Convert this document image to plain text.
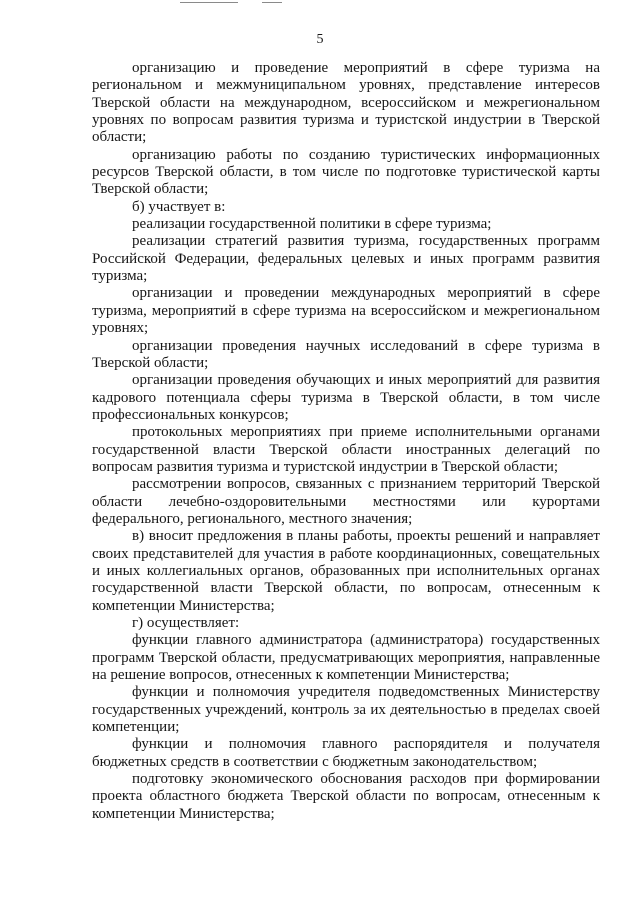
5

организацию и проведение мероприятий в сфере туризма на региональном и межмуниципальном уровнях, представление интересов Тверской области на международном, всероссийском и межрегиональном уровнях по вопросам развития туризма и туристской индустрии в Тверской области;

организацию работы по созданию туристических информационных ресурсов Тверской области, в том числе по подготовке туристической карты Тверской области;

б) участвует в:

реализации государственной политики в сфере туризма;

реализации стратегий развития туризма, государственных программ Российской Федерации, федеральных целевых и иных программ развития туризма;

организации и проведении международных мероприятий в сфере туризма, мероприятий в сфере туризма на всероссийском и межрегиональном уровнях;

организации проведения научных исследований в сфере туризма в Тверской области;

организации проведения обучающих и иных мероприятий для развития кадрового потенциала сферы туризма в Тверской области, в том числе профессиональных конкурсов;

протокольных мероприятиях при приеме исполнительными органами государственной власти Тверской области иностранных делегаций по вопросам развития туризма и туристской индустрии в Тверской области;

рассмотрении вопросов, связанных с признанием территорий Тверской области лечебно-оздоровительными местностями или курортами федерального, регионального, местного значения;

в) вносит предложения в планы работы, проекты решений и направляет своих представителей для участия в работе координационных, совещательных и иных коллегиальных органов, образованных при исполнительных органах государственной власти Тверской области, по вопросам, отнесенным к компетенции Министерства;

г) осуществляет:

функции главного администратора (администратора) государственных программ Тверской области, предусматривающих мероприятия, направленные на решение вопросов, отнесенных к компетенции Министерства;

функции и полномочия учредителя подведомственных Министерству государственных учреждений, контроль за их деятельностью в пределах своей компетенции;

функции и полномочия главного распорядителя и получателя бюджетных средств в соответствии с бюджетным законодательством;

подготовку экономического обоснования расходов при формировании проекта областного бюджета Тверской области по вопросам, отнесенным к компетенции Министерства;
